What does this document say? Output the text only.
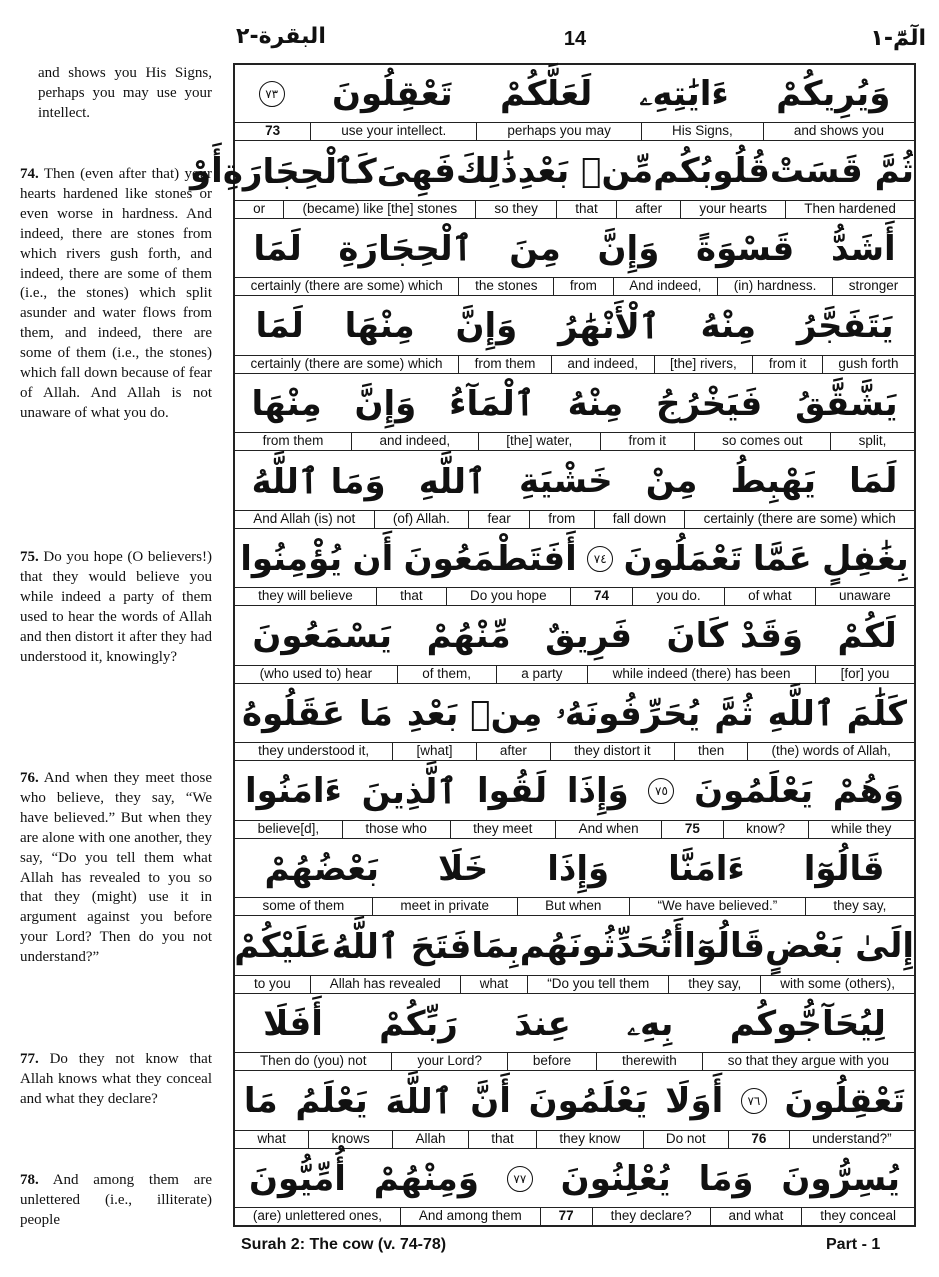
الٓمّٓ-١
14
البقرة-٢
and shows you His Signs, perhaps you may use your intellect.
74. Then (even after that) your hearts hardened like stones or even worse in hardness. And indeed, there are stones from which rivers gush forth, and indeed, there are some of them (i.e., the stones) which split asunder and water flows from them, and indeed, there are some of them (i.e., the stones) which fall down because of fear of Allah. And Allah is not unaware of what you do.
75. Do you hope (O believers!) that they would believe you while indeed a party of them used to hear the words of Allah and then distort it after they had understood it, knowingly?
76. And when they meet those who believe, they say, “We have believed.” But when they are alone with one another, they say, “Do you tell them what Allah has revealed to you so that they (might) use it in argument against you before your Lord? Then do you not understand?”
77. Do they not know that Allah knows what they conceal and what they declare?
78. And among them are unlettered (i.e., illiterate) people
وَيُرِيكُمْ
ءَايَٰتِهِۦ
لَعَلَّكُمْ
تَعْقِلُونَ
٧٣
and shows you
His Signs,
perhaps you may
use your intellect.
73
ثُمَّ قَسَتْ
قُلُوبُكُم
مِّنۢ بَعْدِ
ذَٰلِكَ
فَهِىَ
كَٱلْحِجَارَةِ
أَوْ
Then hardened
your hearts
after
that
so they
(became) like [the] stones
or
أَشَدُّ
قَسْوَةً
وَإِنَّ
مِنَ
ٱلْحِجَارَةِ
لَمَا
stronger
(in) hardness.
And indeed,
from
the stones
certainly (there are some) which
يَتَفَجَّرُ
مِنْهُ
ٱلْأَنْهَٰرُ
وَإِنَّ
مِنْهَا
لَمَا
gush forth
from it
[the] rivers,
and indeed,
from them
certainly (there are some) which
يَشَّقَّقُ
فَيَخْرُجُ
مِنْهُ
ٱلْمَآءُ
وَإِنَّ
مِنْهَا
split,
so comes out
from it
[the] water,
and indeed,
from them
لَمَا
يَهْبِطُ
مِنْ
خَشْيَةِ
ٱللَّهِ
وَمَا ٱللَّهُ
certainly (there are some) which
fall down
from
fear
(of) Allah.
And Allah (is) not
بِغَٰفِلٍ
عَمَّا
تَعْمَلُونَ
٧٤
أَفَتَطْمَعُونَ
أَن
يُؤْمِنُوا
unaware
of what
you do.
74
Do you hope
that
they will believe
لَكُمْ
وَقَدْ كَانَ
فَرِيقٌ
مِّنْهُمْ
يَسْمَعُونَ
[for] you
while indeed (there) has been
a party
of them,
(who used to) hear
كَلَٰمَ ٱللَّهِ
ثُمَّ
يُحَرِّفُونَهُۥ
مِنۢ بَعْدِ
مَا
عَقَلُوهُ
(the) words of Allah,
then
they distort it
after
[what]
they understood it,
وَهُمْ
يَعْلَمُونَ
٧٥
وَإِذَا
لَقُوا
ٱلَّذِينَ
ءَامَنُوا
while they
know?
75
And when
they meet
those who
believe[d],
قَالُوٓا
ءَامَنَّا
وَإِذَا
خَلَا
بَعْضُهُمْ
they say,
“We have believed.”
But when
meet in private
some of them
إِلَىٰ بَعْضٍ
قَالُوٓا
أَتُحَدِّثُونَهُم
بِمَا
فَتَحَ ٱللَّهُ
عَلَيْكُمْ
with some (others),
they say,
“Do you tell them
what
Allah has revealed
to you
لِيُحَآجُّوكُم
بِهِۦ
عِندَ
رَبِّكُمْ
أَفَلَا
so that they argue with you
therewith
before
your Lord?
Then do (you) not
تَعْقِلُونَ
٧٦
أَوَلَا
يَعْلَمُونَ
أَنَّ
ٱللَّهَ
يَعْلَمُ
مَا
understand?”
76
Do not
they know
that
Allah
knows
what
يُسِرُّونَ
وَمَا
يُعْلِنُونَ
٧٧
وَمِنْهُمْ
أُمِّيُّونَ
they conceal
and what
they declare?
77
And among them
(are) unlettered ones,
Surah 2: The cow (v. 74-78)	Part - 1
